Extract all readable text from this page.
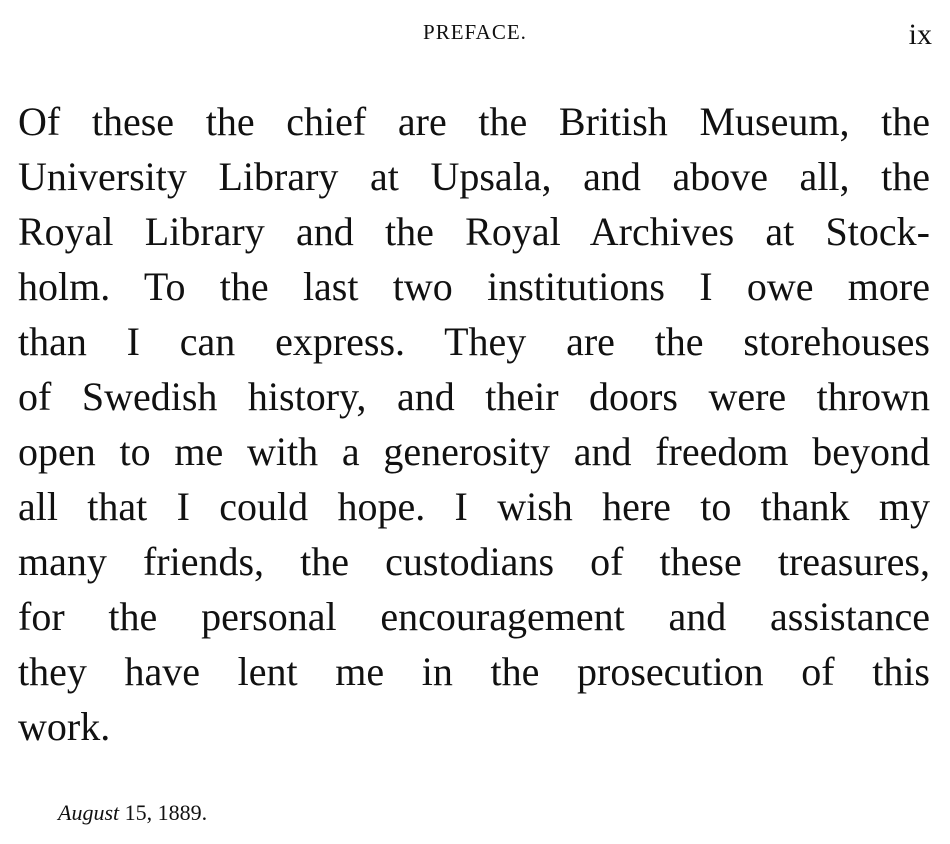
PREFACE.	ix
Of these the chief are the British Museum, the
University Library at Upsala, and above all, the
Royal Library and the Royal Archives at Stock-
holm. To the last two institutions I owe more
than I can express. They are the storehouses
of Swedish history, and their doors were thrown
open to me with a generosity and freedom beyond
all that I could hope. I wish here to thank my
many friends, the custodians of these treasures,
for the personal encouragement and assistance
they have lent me in the prosecution of this
work.
August 15, 1889.
